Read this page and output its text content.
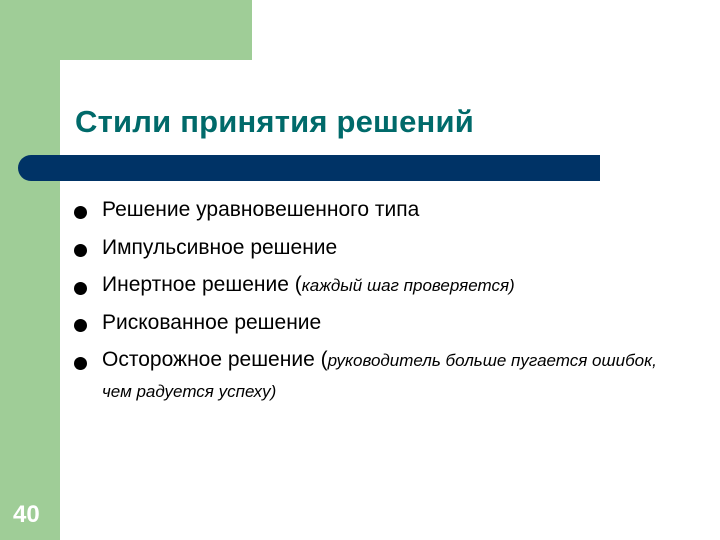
Стили принятия решений
Решение уравновешенного типа
Импульсивное решение
Инертное решение (каждый шаг проверяется)
Рискованное решение
Осторожное решение (руководитель больше пугается ошибок, чем радуется успеху)
40
